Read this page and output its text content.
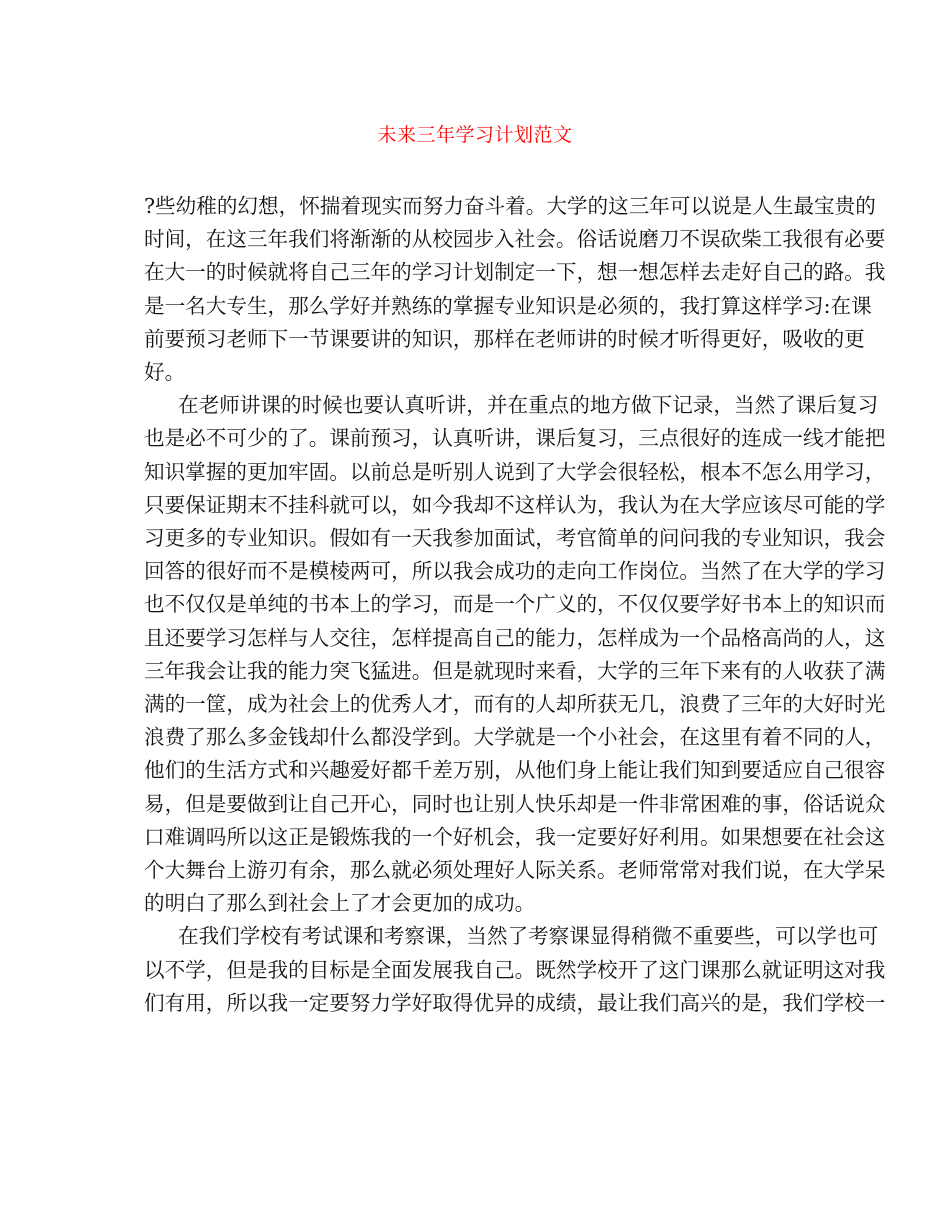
未来三年学习计划范文
?些幼稚的幻想，怀揣着现实而努力奋斗着。大学的这三年可以说是人生最宝贵的
时间，在这三年我们将渐渐的从校园步入社会。俗话说磨刀不误砍柴工我很有必要
在大一的时候就将自己三年的学习计划制定一下，想一想怎样去走好自己的路。我
是一名大专生，那么学好并熟练的掌握专业知识是必须的，我打算这样学习:在课
前要预习老师下一节课要讲的知识，那样在老师讲的时候才听得更好，吸收的更
好。
在老师讲课的时候也要认真听讲，并在重点的地方做下记录，当然了课后复习
也是必不可少的了。课前预习，认真听讲，课后复习，三点很好的连成一线才能把
知识掌握的更加牢固。以前总是听别人说到了大学会很轻松，根本不怎么用学习，
只要保证期末不挂科就可以，如今我却不这样认为，我认为在大学应该尽可能的学
习更多的专业知识。假如有一天我参加面试，考官简单的问问我的专业知识，我会
回答的很好而不是模棱两可，所以我会成功的走向工作岗位。当然了在大学的学习
也不仅仅是单纯的书本上的学习，而是一个广义的，不仅仅要学好书本上的知识而
且还要学习怎样与人交往，怎样提高自己的能力，怎样成为一个品格高尚的人，这
三年我会让我的能力突飞猛进。但是就现时来看，大学的三年下来有的人收获了满
满的一筐，成为社会上的优秀人才，而有的人却所获无几，浪费了三年的大好时光
浪费了那么多金钱却什么都没学到。大学就是一个小社会，在这里有着不同的人，
他们的生活方式和兴趣爱好都千差万别，从他们身上能让我们知到要适应自己很容
易，但是要做到让自己开心，同时也让别人快乐却是一件非常困难的事，俗话说众
口难调吗所以这正是锻炼我的一个好机会，我一定要好好利用。如果想要在社会这
个大舞台上游刃有余，那么就必须处理好人际关系。老师常常对我们说，在大学呆
的明白了那么到社会上了才会更加的成功。
在我们学校有考试课和考察课，当然了考察课显得稍微不重要些，可以学也可
以不学，但是我的目标是全面发展我自己。既然学校开了这门课那么就证明这对我
们有用，所以我一定要努力学好取得优异的成绩，最让我们高兴的是，我们学校一
